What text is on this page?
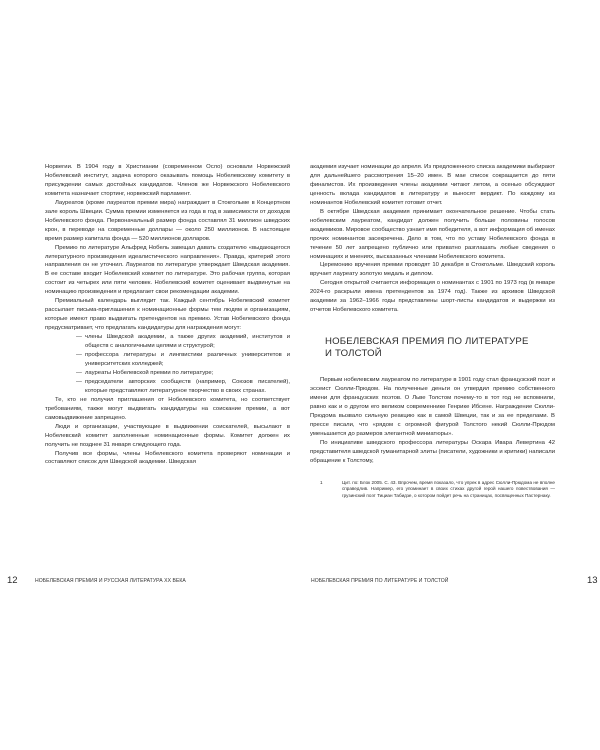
Норвегии. В 1904 году в Христиании (современном Осло) основали Норвежский Нобелевский институт, задача которого оказывать помощь Нобелевскому комитету в присуждении самых достойных кандидатов. Членов же Норвежского Нобелевского комитета назначает стортинг, норвежский парламент.

Лауреатов (кроме лауреатов премии мира) награждает в Стокгольме в Концертном зале король Швеции. Сумма премии изменяется из года в год в зависимости от доходов Нобелевского фонда. Первоначальный размер фонда составлял 31 миллион шведских крон, в переводе на современные доллары — около 250 миллионов. В настоящее время размер капитала фонда — 520 миллионов долларов.

Премию по литературе Альфред Нобель завещал давать создателю «выдающегося литературного произведения идеалистического направления». Правда, критерий этого направления он не уточнил. Лауреатов по литературе утверждает Шведская академия. В ее составе входит Нобелевский комитет по литературе. Это рабочая группа, которая состоит из четырех или пяти человек. Нобелевский комитет оценивает выдвинутые на номинацию произведения и предлагает свои рекомендации академии.

Премиальный календарь выглядит так. Каждый сентябрь Нобелевский комитет рассылает письма-приглашения к номинационные формы тем людям и организациям, которые имеют право выдвигать претендентов на премию. Устав Нобелевского фонда предусматривает, что предлагать кандидатуры для награждения могут:

— члены Шведской академии, а также других академий, институтов и обществ с аналогичными целями и структурой;
— профессора литературы и лингвистики различных университетов и университетских колледжей;
— лауреаты Нобелевской премии по литературе;
— председатели авторских сообществ (например, Союзов писателей), которые представляют литературное творчество в своих странах.

Те, кто не получил приглашения от Нобелевского комитета, но соответствует требованиям, также могут выдвигать кандидатуры на соискание премии, а вот самовыдвижение запрещено.

Люди и организации, участвующие в выдвижении соискателей, высылают в Нобелевский комитет заполненные номинационные формы. Комитет должен их получить не позднее 31 января следующего года.

Получив все формы, члены Нобелевского комитета проверяют номинации и составляют список для Шведской академии. Шведская

12	НОБЕЛЕВСКАЯ ПРЕМИЯ И РУССКАЯ ЛИТЕРАТУРА XX ВЕКА

академия изучает номинации до апреля. Из предложенного списка академики выбирают для дальнейшего рассмотрения 15–20 имен. В мае список сокращается до пяти финалистов. Их произведения члены академии читают летом, а осенью обсуждают ценность вклада кандидатов в литературу и выносят вердикт. По каждому из номинантов Нобелевский комитет готовит отчет.

В октябре Шведская академия принимает окончательное решение. Чтобы стать нобелевским лауреатом, кандидат должен получить больше половины голосов академиков. Мировое сообщество узнает имя победителя, а вот информация об именах прочих номинантов засекречена. Дело в том, что по уставу Нобелевского фонда в течение 50 лет запрещено публично или приватно разглашать любые сведения о номинациях и мнениях, высказанных членами Нобелевского комитета.

Церемонию вручения премии проводят 10 декабря в Стокгольме. Шведский король вручает лауреату золотую медаль и диплом.

Сегодня открытой считается информация о номинантах с 1901 по 1973 год (в январе 2024-го раскрыли имена претендентов за 1974 год). Также из архивов Шведской академии за 1962–1966 годы представлены шорт-листы кандидатов и выдержки из отчетов Нобелевского комитета.

НОБЕЛЕВСКАЯ ПРЕМИЯ ПО ЛИТЕРАТУРЕ
И ТОЛСТОЙ

Первым нобелевским лауреатом по литературе в 1901 году стал французский поэт и эссеист Сюлли-Прюдом. На полученные деньги он утвердил премию собственного имени для французских поэтов. О Льве Толстом почему-то в тот год не вспомнили, равно как и о другом его великом современнике Генрике Ибсене. Награждение Сюлли-Прюдома вызвало сильную реакцию как в самой Швеции, так и за ее пределами. В прессе писали, что «рядом с огромной фигурой Толстого некий Сюлли-Прюдом уменьшается до размеров элегантной миниатюры».

По инициативе шведского профессора литературы Оскара Ивара Левертина 42 представителя шведской гуманитарной элиты (писатели, художники и критики) написали обращение к Толстому,

1	Цит. по: Блок 2005. С. 43. Впрочем, время показало, что упрек в адрес Сюлли-Прюдома не вполне справедлив. Например, его упоминает в своих стихах другой герой нашего повествования — грузинский поэт Тициан Табидзе, о котором пойдет речь на страницах, посвященных Пастернаку.
НОБЕЛЕВСКАЯ ПРЕМИЯ ПО ЛИТЕРАТУРЕ И ТОЛСТОЙ	13
